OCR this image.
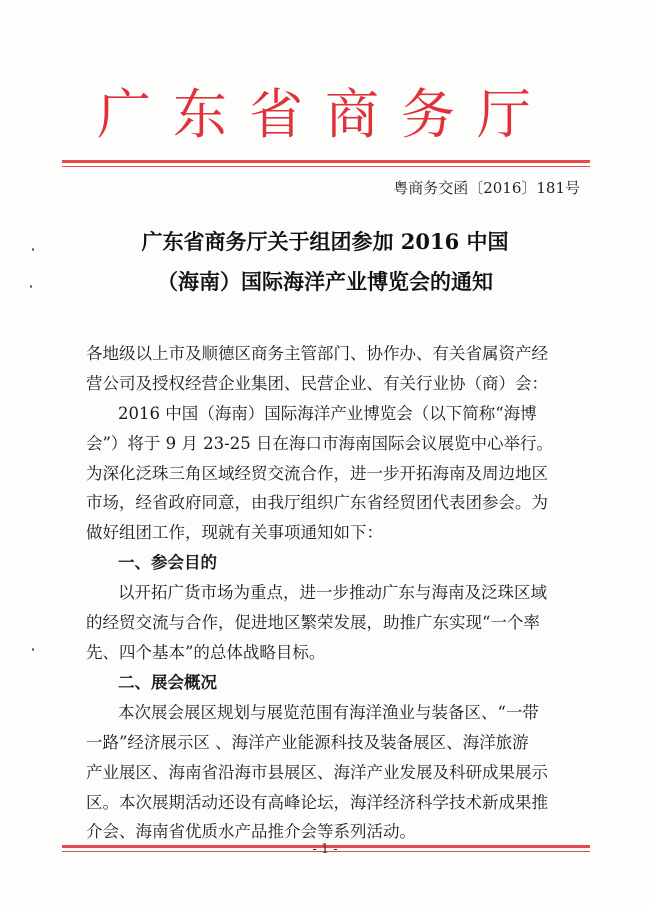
广东省商务厅
粤商务交函〔2016〕181号
广东省商务厅关于组团参加 2016 中国
（海南）国际海洋产业博览会的通知
各地级以上市及顺德区商务主管部门、协作办、有关省属资产经
营公司及授权经营企业集团、民营企业、有关行业协（商）会：
2016 中国（海南）国际海洋产业博览会（以下简称“海博
会”）将于 9 月 23-25 日在海口市海南国际会议展览中心举行。
为深化泛珠三角区域经贸交流合作，进一步开拓海南及周边地区
市场，经省政府同意，由我厅组织广东省经贸团代表团参会。为
做好组团工作，现就有关事项通知如下：
一、参会目的
以开拓广货市场为重点，进一步推动广东与海南及泛珠区域
的经贸交流与合作，促进地区繁荣发展，助推广东实现“一个率
先、四个基本”的总体战略目标。
二、展会概况
本次展会展区规划与展览范围有海洋渔业与装备区、“一带
一路”经济展示区 、海洋产业能源科技及装备展区、海洋旅游
产业展区、海南省沿海市县展区、海洋产业发展及科研成果展示
区。本次展期活动还设有高峰论坛，海洋经济科学技术新成果推
介会、海南省优质水产品推介会等系列活动。
- 1 -
